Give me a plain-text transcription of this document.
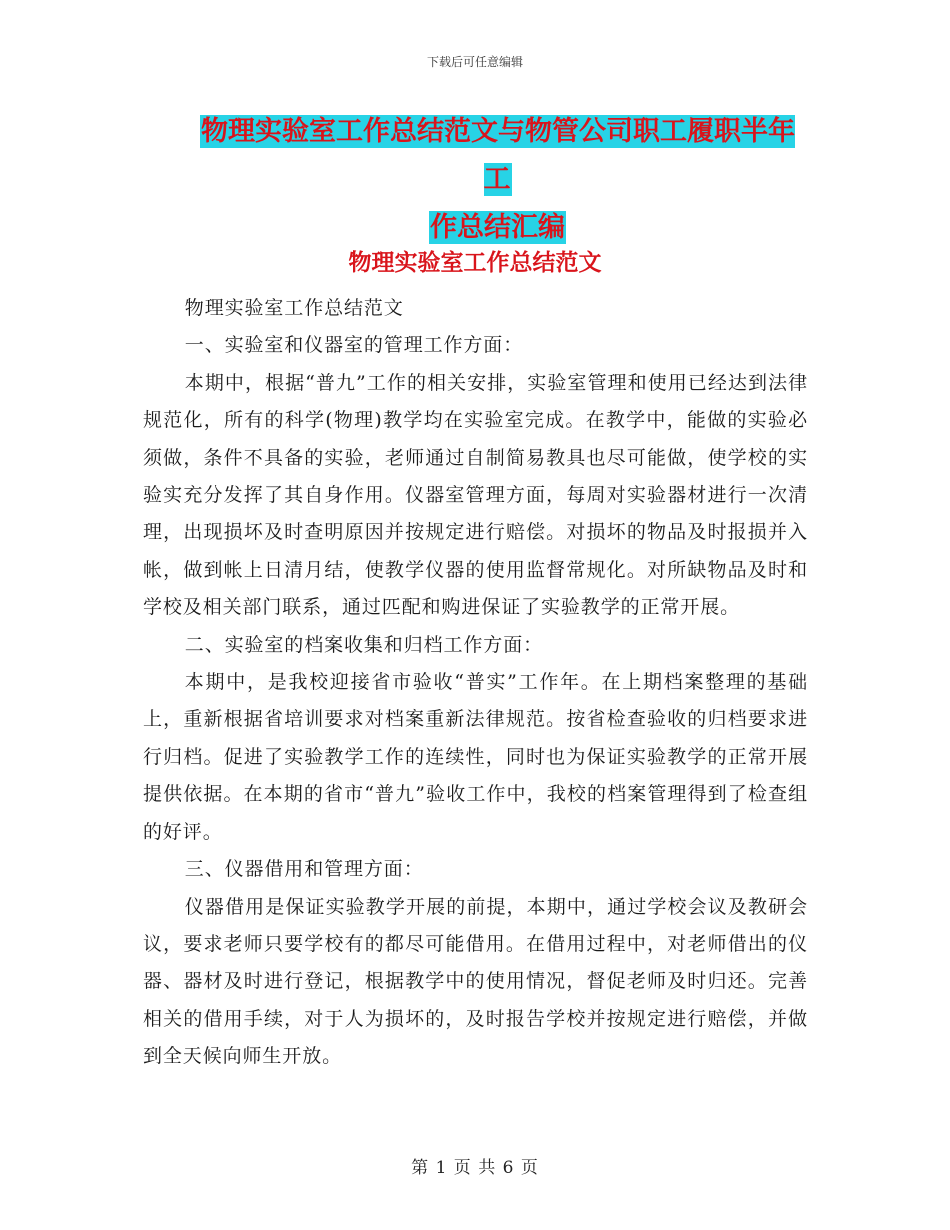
下载后可任意编辑
物理实验室工作总结范文与物管公司职工履职半年工
作总结汇编
物理实验室工作总结范文

物理实验室工作总结范文

一、实验室和仪器室的管理工作方面：

本期中，根据“普九”工作的相关安排，实验室管理和使用已经达到法律规范化，所有的科学(物理)教学均在实验室完成。在教学中，能做的实验必须做，条件不具备的实验，老师通过自制简易教具也尽可能做，使学校的实验实充分发挥了其自身作用。仪器室管理方面，每周对实验器材进行一次清理，出现损坏及时查明原因并按规定进行赔偿。对损坏的物品及时报损并入帐，做到帐上日清月结，使教学仪器的使用监督常规化。对所缺物品及时和学校及相关部门联系，通过匹配和购进保证了实验教学的正常开展。

二、实验室的档案收集和归档工作方面：

本期中，是我校迎接省市验收“普实”工作年。在上期档案整理的基础上，重新根据省培训要求对档案重新法律规范。按省检查验收的归档要求进行归档。促进了实验教学工作的连续性，同时也为保证实验教学的正常开展提供依据。在本期的省市“普九”验收工作中，我校的档案管理得到了检查组的好评。

三、仪器借用和管理方面：

仪器借用是保证实验教学开展的前提，本期中，通过学校会议及教研会议，要求老师只要学校有的都尽可能借用。在借用过程中，对老师借出的仪器、器材及时进行登记，根据教学中的使用情况，督促老师及时归还。完善相关的借用手续，对于人为损坏的，及时报告学校并按规定进行赔偿，并做到全天候向师生开放。

第 1 页 共 6 页
